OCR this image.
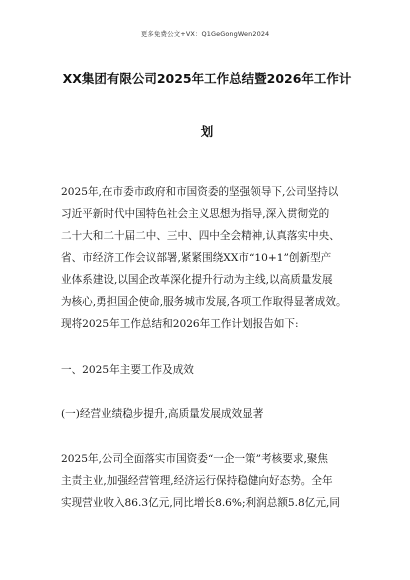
更多免费公文+VX：Q1GeGongWen2024
XX集团有限公司2025年工作总结暨2026年工作计
划
2025年,在市委市政府和市国资委的坚强领导下,公司坚持以
习近平新时代中国特色社会主义思想为指导,深入贯彻党的
二十大和二十届二中、三中、四中全会精神,认真落实中央、
省、市经济工作会议部署,紧紧围绕XX市“10+1”创新型产
业体系建设,以国企改革深化提升行动为主线,以高质量发展
为核心,勇担国企使命,服务城市发展,各项工作取得显著成效。
现将2025年工作总结和2026年工作计划报告如下:
一、2025年主要工作及成效
(一)经营业绩稳步提升,高质量发展成效显著
2025年,公司全面落实市国资委“一企一策”考核要求,聚焦
主责主业,加强经营管理,经济运行保持稳健向好态势。全年
实现营业收入86.3亿元,同比增长8.6%;利润总额5.8亿元,同
